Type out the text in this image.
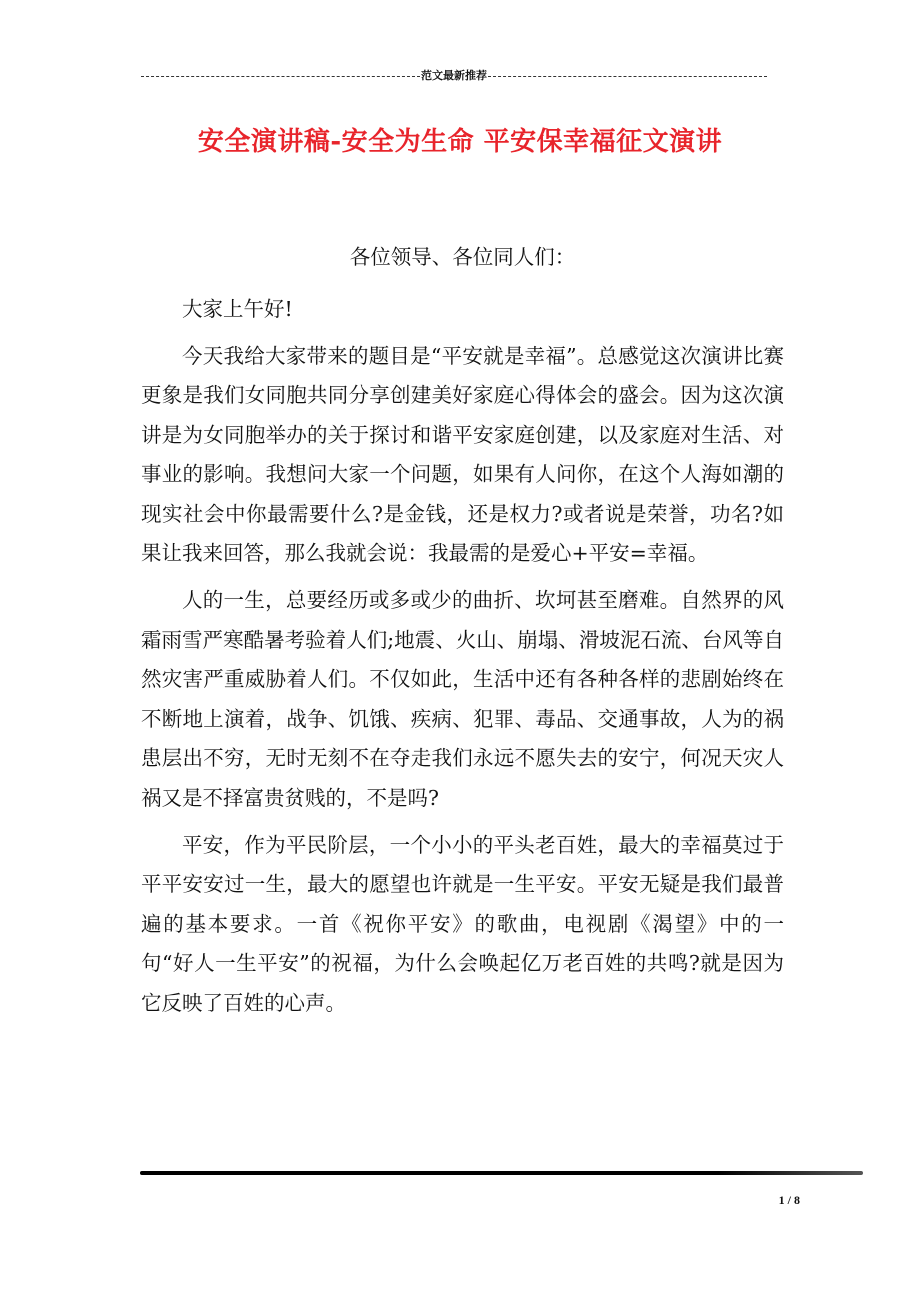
范文最新推荐
安全演讲稿-安全为生命 平安保幸福征文演讲

各位领导、各位同人们：

大家上午好!

今天我给大家带来的题目是“平安就是幸福”。总感觉这次演讲比赛更象是我们女同胞共同分享创建美好家庭心得体会的盛会。因为这次演讲是为女同胞举办的关于探讨和谐平安家庭创建，以及家庭对生活、对事业的影响。我想问大家一个问题，如果有人问你，在这个人海如潮的现实社会中你最需要什么?是金钱，还是权力?或者说是荣誉，功名?如果让我来回答，那么我就会说：我最需的是爱心+平安=幸福。

人的一生，总要经历或多或少的曲折、坎坷甚至磨难。自然界的风霜雨雪严寒酷暑考验着人们;地震、火山、崩塌、滑坡泥石流、台风等自然灾害严重威胁着人们。不仅如此，生活中还有各种各样的悲剧始终在不断地上演着，战争、饥饿、疾病、犯罪、毒品、交通事故，人为的祸患层出不穷，无时无刻不在夺走我们永远不愿失去的安宁，何况天灾人祸又是不择富贵贫贱的，不是吗?

平安，作为平民阶层，一个小小的平头老百姓，最大的幸福莫过于平平安安过一生，最大的愿望也许就是一生平安。平安无疑是我们最普遍的基本要求。一首《祝你平安》的歌曲，电视剧《渴望》中的一句“好人一生平安”的祝福，为什么会唤起亿万老百姓的共鸣?就是因为它反映了百姓的心声。

1 / 8
